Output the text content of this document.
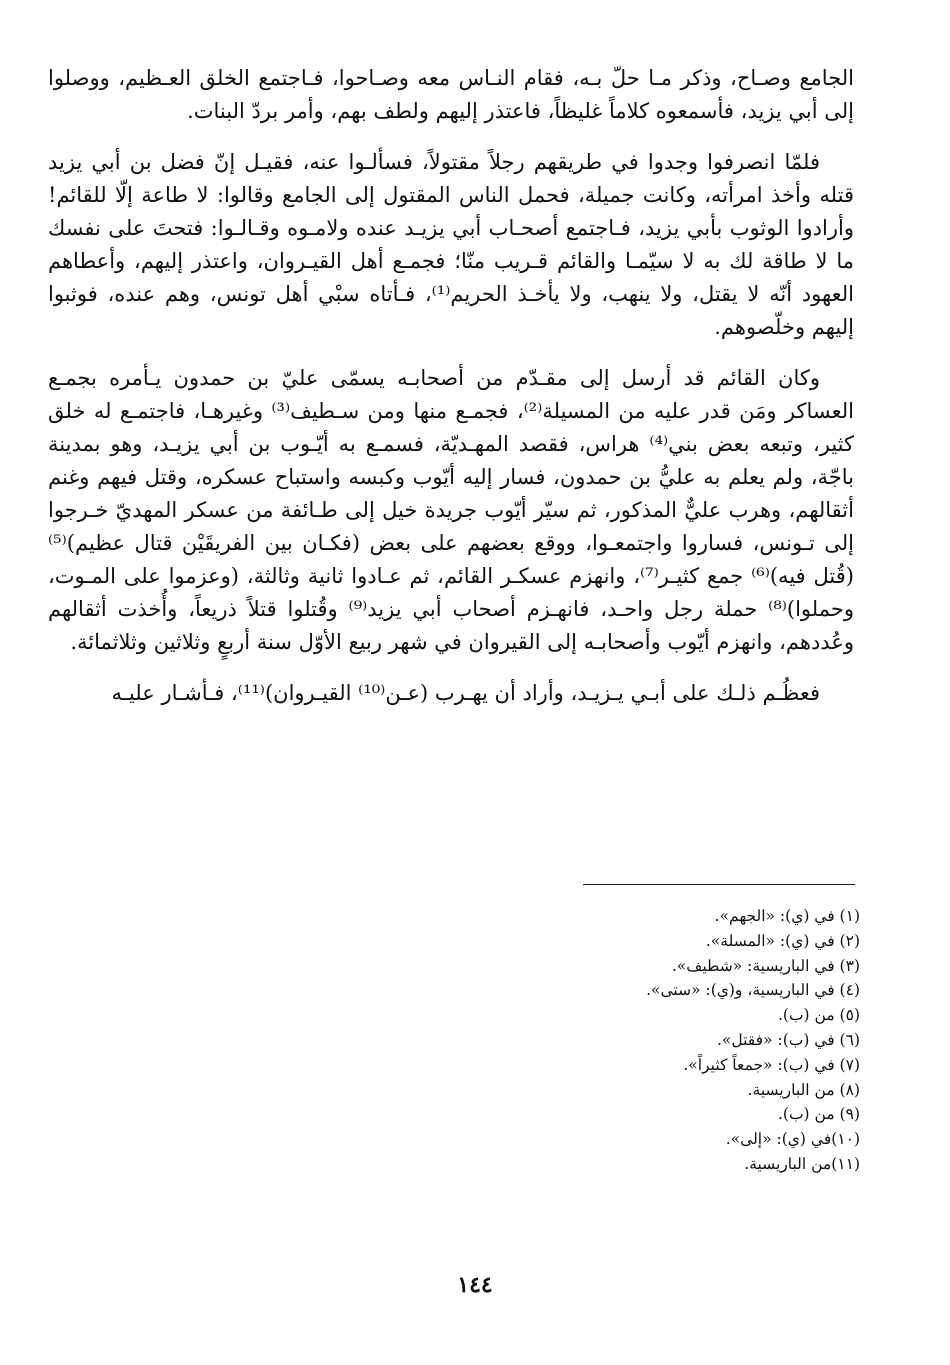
الجامع وصـاح، وذكر مـا حلّ بـه، فقام النـاس معه وصـاحوا، فـاجتمع الخلق العـظيم، ووصلوا إلى أبي يزيد، فأسمعوه كلاماً غليظاً، فاعتذر إليهم ولطف بهم، وأمر بردّ البنات.

فلمّا انصرفوا وجدوا في طريقهم رجلاً مقتولاً، فسألـوا عنه، فقيـل إنّ فضل بن أبي يزيد قتله وأخذ امرأته، وكانت جميلة، فحمل الناس المقتول إلى الجامع وقالوا: لا طاعة إلّا للقائم! وأرادوا الوثوب بأبي يزيد، فـاجتمع أصحـاب أبي يزيـد عنده ولامـوه وقـالـوا: فتحتَ على نفسك ما لا طاقة لك به لا سيّمـا والقائم قـريب منّا؛ فجمـع أهل القيـروان، واعتذر إليهم، وأعطاهم العهود أنّه لا يقتل، ولا ينهب، ولا يأخـذ الحريم⁽¹⁾، فـأتاه سبْي أهل تونس، وهم عنده، فوثبوا إليهم وخلّصوهم.

وكان القائم قد أرسل إلى مقـدّم من أصحابـه يسمّى عليّ بن حمدون يـأمره بجمـع العساكر ومَن قدر عليه من المسيلة⁽²⁾، فجمـع منها ومن سـطيف⁽³⁾ وغيرهـا، فاجتمـع له خلق كثير، وتبعه بعض بني⁽⁴⁾ هراس، فقصد المهـديّة، فسمـع به أيّـوب بن أبي يزيـد، وهو بمدينة باجّة، ولم يعلم به عليُّ بن حمدون، فسار إليه أيّوب وكبسه واستباح عسكره، وقتل فيهم وغنم أثقالهم، وهرب عليٌّ المذكور، ثم سيّر أيّوب جريدة خيل إلى طـائفة من عسكر المهديّ خـرجوا إلى تـونس، فساروا واجتمعـوا، ووقع بعضهم على بعض (فكـان بين الفريقَيْن قتال عظيم)⁽⁵⁾ (قُتل فيه)⁽⁶⁾ جمع كثيـر⁽⁷⁾، وانهزم عسكـر القائم، ثم عـادوا ثانية وثالثة، (وعزموا على المـوت، وحملوا)⁽⁸⁾ حملة رجل واحـد، فانهـزم أصحاب أبي يزيد⁽⁹⁾ وقُتلوا قتلاً ذريعاً، وأُخذت أثقالهم وعُددهم، وانهزم أيّوب وأصحابـه إلى القيروان في شهر ربيع الأوّل سنة أربعٍ وثلاثين وثلاثمائة.

فعظُـم ذلـك على أبـي يـزيـد، وأراد أن يهـرب (عـن⁽¹⁰⁾ القيـروان)⁽¹¹⁾، فـأشـار عليـه

(١) في (ي): «الجهم».
(٢) في (ي): «المسلة».
(٣) في الباريسية: «شطيف».
(٤) في الباريسية، و(ي): «ستى».
(٥) من (ب).
(٦) في (ب): «فقتل».
(٧) في (ب): «جمعاً كثيراً».
(٨) من الباريسية.
(٩) من (ب).
(١٠)في (ي): «إلى».
(١١)من الباريسية.
١٤٤
